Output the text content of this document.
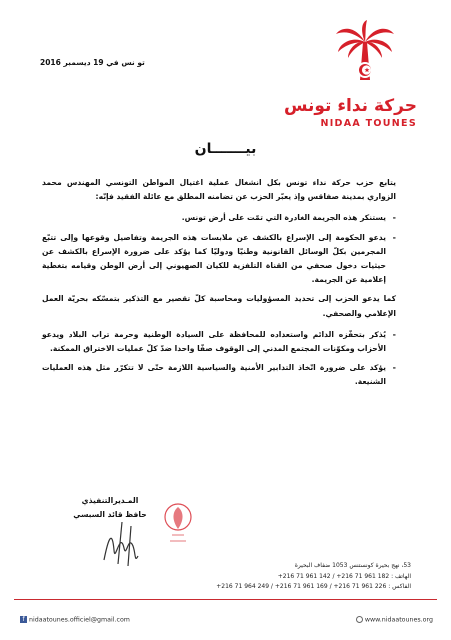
حركة نداء تونس
NIDAA TOUNES
تو نس في 19 ديسمبر 2016
بيـــــــان
يتابع حزب حركة نداء تونس بكل انشغال عملية اغتيال المواطن التونسي المهندس محمد الزواري بمدينة صفاقس وإذ يعبّر الحزب عن تضامنه المطلق مع عائلة الفقيد فإنّه:
-
يستنكر هذه الجريمة الغادرة التي تمّت على أرض تونس.
-
يدعو الحكومة إلى الإسراع بالكشف عن ملابسات هذه الجريمة وتفاصيل وقوعها وإلى تتبّع المجرمين بكلّ الوسائل القانونية وطنيّا ودوليّا كما يؤكد على ضرورة الإسراع بالكشف عن حيثيات دخول صحفي من القناة التلفزية للكيان الصهيوني إلى أرض الوطن وقيامه بتغطية إعلامية عن الجريمة.
كما يدعو الحزب إلى تحديد المسؤوليات ومحاسبة كلّ تقصير مع التذكير بتمسّكه بحريّة العمل الإعلامي والصحفي.
-
يُذكر بتحفّزه الدائم واستعداده للمحافظة على السيادة الوطنية وحرمة تراب البلاد ويدعو الأحزاب ومكوّنات المجتمع المدني إلى الوقوف صفّا واحدا ضدّ كلّ عمليات الاختراق الممكنة.
-
يؤكد على ضرورة اتّخاذ التدابير الأمنية والسياسية اللازمة حتّى لا تتكرّر مثل هذه العمليات الشنيعة.
المـديرالتنفيذي
حافظ قائد السبسي
53، نهج بحيرة كونستنس 1053 ضفاف البحيرة
الهاتف : 182 961 71 216+ / 142 961 71 216+
الفاكس : 226 961 71 216+ / 169 961 71 216+ / 249 964 71 216+
f nidaatounes.officiel@gmail.com	www.nidaatounes.org
